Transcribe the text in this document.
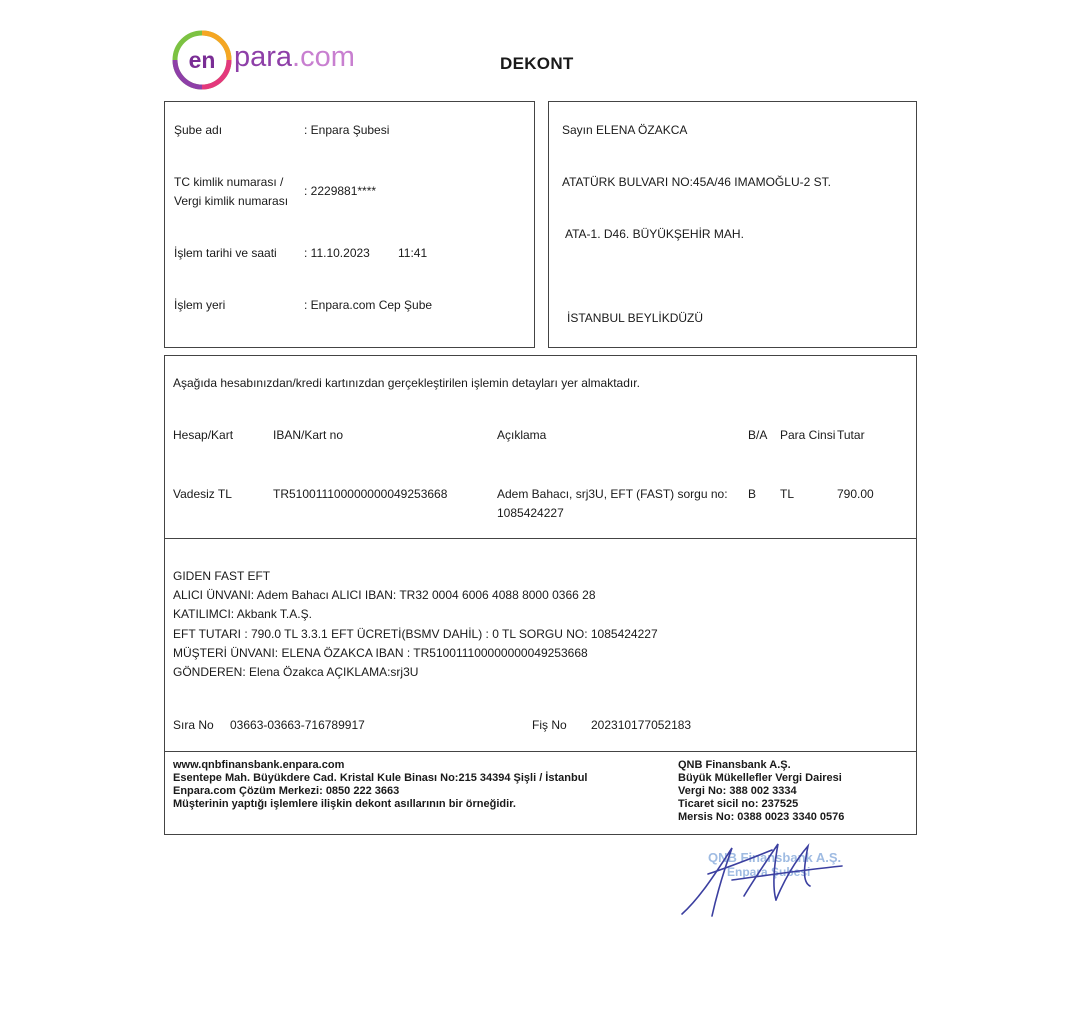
en para.com	DEKONT
Şube adı	: Enpara Şubesi
TC kimlik numarası /
Vergi kimlik numarası
: 2229881****
İşlem tarihi ve saati : 11.10.2023 11:41
İşlem yeri	: Enpara.com Cep Şube
Sayın ELENA ÖZAKCA
ATATÜRK BULVARI NO:45A/46 IMAMOĞLU-2 ST.
ATA-1. D46. BÜYÜKŞEHİR MAH.
İSTANBUL BEYLİKDÜZÜ
Aşağıda hesabınızdan/kredi kartınızdan gerçekleştirilen işlemin detayları yer almaktadır.
Hesap/Kart	IBAN/Kart no	Açıklama	B/A Para Cinsi Tutar
Vadesiz TL	TR510011100000000049253668	Adem Bahacı, srj3U, EFT (FAST) sorgu no:
1085424227
B TL	790.00
GIDEN FAST EFT
ALICI ÜNVANI: Adem Bahacı ALICI IBAN: TR32 0004 6006 4088 8000 0366 28
KATILIMCI: Akbank T.A.Ş.
EFT TUTARI : 790.0 TL 3.3.1 EFT ÜCRETİ(BSMV DAHİL) : 0 TL SORGU NO: 1085424227
MÜŞTERİ ÜNVANI: ELENA ÖZAKCA IBAN : TR510011100000000049253668
GÖNDEREN: Elena Özakca AÇIKLAMA:srj3U
Sıra No 03663-03663-716789917	Fiş No 202310177052183
www.qnbfinansbank.enpara.com
Esentepe Mah. Büyükdere Cad. Kristal Kule Binası No:215 34394 Şişli / İstanbul
Enpara.com Çözüm Merkezi: 0850 222 3663
Müşterinin yaptığı işlemlere ilişkin dekont asıllarının bir örneğidir.
QNB Finansbank A.Ş.
Büyük Mükellefler Vergi Dairesi
Vergi No: 388 002 3334
Ticaret sicil no: 237525
Mersis No: 0388 0023 3340 0576
QNB Finansbank A.Ş.
Enpara Şubesi
